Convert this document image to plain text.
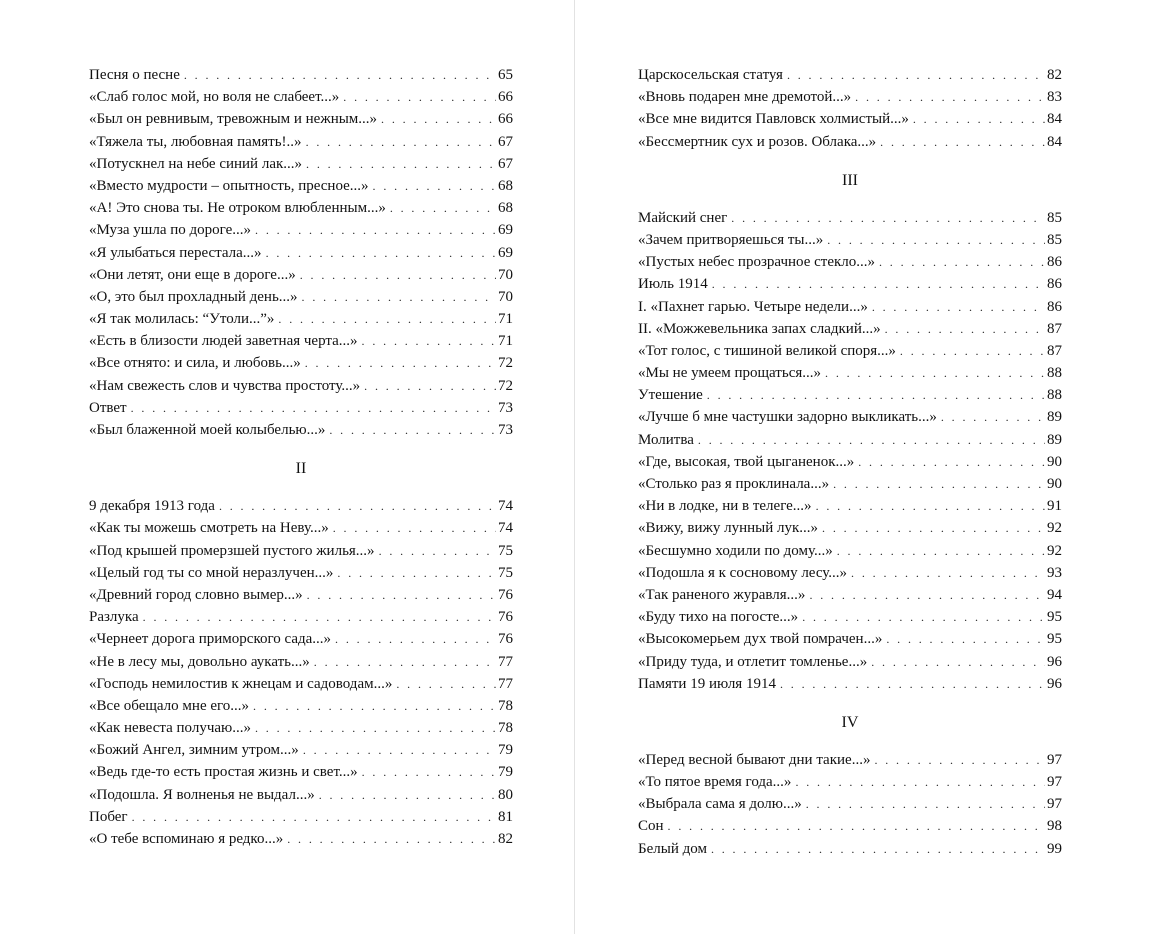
Песня о песне . . .	65
«Слаб голос мой, но воля не слабеет...» . . .	66
«Был он ревнивым, тревожным и нежным...» . . .	66
«Тяжела ты, любовная память!..» . . .	67
«Потускнел на небе синий лак...» . . .	67
«Вместо мудрости – опытность, пресное...» . . .	68
«А! Это снова ты. Не отроком влюбленным...» . . .	68
«Муза ушла по дороге...» . . .	69
«Я улыбаться перестала...» . . .	69
«Они летят, они еще в дороге...» . . .	70
«О, это был прохладный день...» . . .	70
«Я так молилась: “Утоли...”» . . .	71
«Есть в близости людей заветная черта...» . . .	71
«Все отнято: и сила, и любовь...» . . .	72
«Нам свежесть слов и чувства простоту...» . . .	72
Ответ . . .	73
«Был блаженной моей колыбелью...» . . .	73
II
9 декабря 1913 года . . .	74
«Как ты можешь смотреть на Неву...» . . .	74
«Под крышей промерзшей пустого жилья...» . . .	75
«Целый год ты со мной неразлучен...» . . .	75
«Древний город словно вымер...» . . .	76
Разлука . . .	76
«Чернеет дорога приморского сада...» . . .	76
«Не в лесу мы, довольно аукать...» . . .	77
«Господь немилостив к жнецам и садоводам...» . . .	77
«Все обещало мне его...» . . .	78
«Как невеста получаю...» . . .	78
«Божий Ангел, зимним утром...» . . .	79
«Ведь где-то есть простая жизнь и свет...» . . .	79
«Подошла. Я волненья не выдал...» . . .	80
Побег . . .	81
«О тебе вспоминаю я редко...» . . .	82
Царскосельская статуя . . .	82
«Вновь подарен мне дремотой...» . . .	83
«Все мне видится Павловск холмистый...» . . .	84
«Бессмертник сух и розов. Облака...» . . .	84
III
Майский снег . . .	85
«Зачем притворяешься ты...» . . .	85
«Пустых небес прозрачное стекло...» . . .	86
Июль 1914 . . .	86
I. «Пахнет гарью. Четыре недели...» . . .	86
II. «Можжевельника запах сладкий...» . . .	87
«Тот голос, с тишиной великой споря...» . . .	87
«Мы не умеем прощаться...» . . .	88
Утешение . . .	88
«Лучше б мне частушки задорно выкликать...» . . .	89
Молитва . . .	89
«Где, высокая, твой цыганенок...» . . .	90
«Столько раз я проклинала...» . . .	90
«Ни в лодке, ни в телеге...» . . .	91
«Вижу, вижу лунный лук...» . . .	92
«Бесшумно ходили по дому...» . . .	92
«Подошла я к сосновому лесу...» . . .	93
«Так раненого журавля...» . . .	94
«Буду тихо на погосте...» . . .	95
«Высокомерьем дух твой помрачен...» . . .	95
«Приду туда, и отлетит томленье...» . . .	96
Памяти 19 июля 1914 . . .	96
IV
«Перед весной бывают дни такие...» . . .	97
«То пятое время года...» . . .	97
«Выбрала сама я долю...» . . .	97
Сон . . .	98
Белый дом . . .	99
